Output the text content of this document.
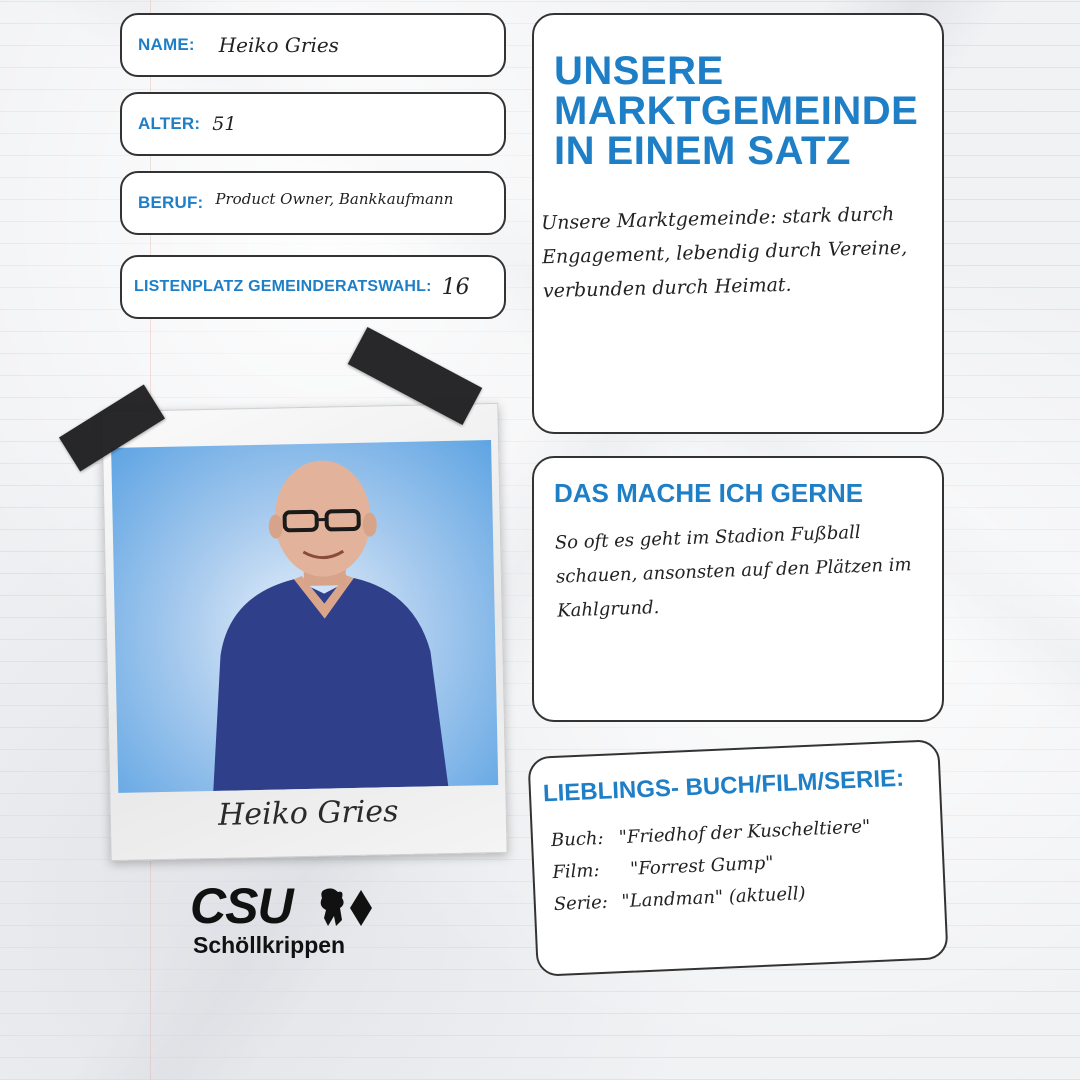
NAME: Heiko Gries
ALTER: 51
BERUF: Product Owner, Bankkaufmann
LISTENPLATZ GEMEINDERATSWAHL: 16
UNSERE MARKTGEMEINDE IN EINEM SATZ
Unsere Marktgemeinde: stark durch Engagement, lebendig durch Vereine, verbunden durch Heimat.
DAS MACHE ICH GERNE
So oft es geht im Stadion Fußball schauen, ansonsten auf den Plätzen im Kahlgrund.
LIEBLINGS- BUCH/FILM/SERIE:
Buch: "Friedhof der Kuscheltiere"
Film: "Forrest Gump"
Serie: "Landman" (aktuell)
Heiko Gries
CSU
Schöllkrippen
